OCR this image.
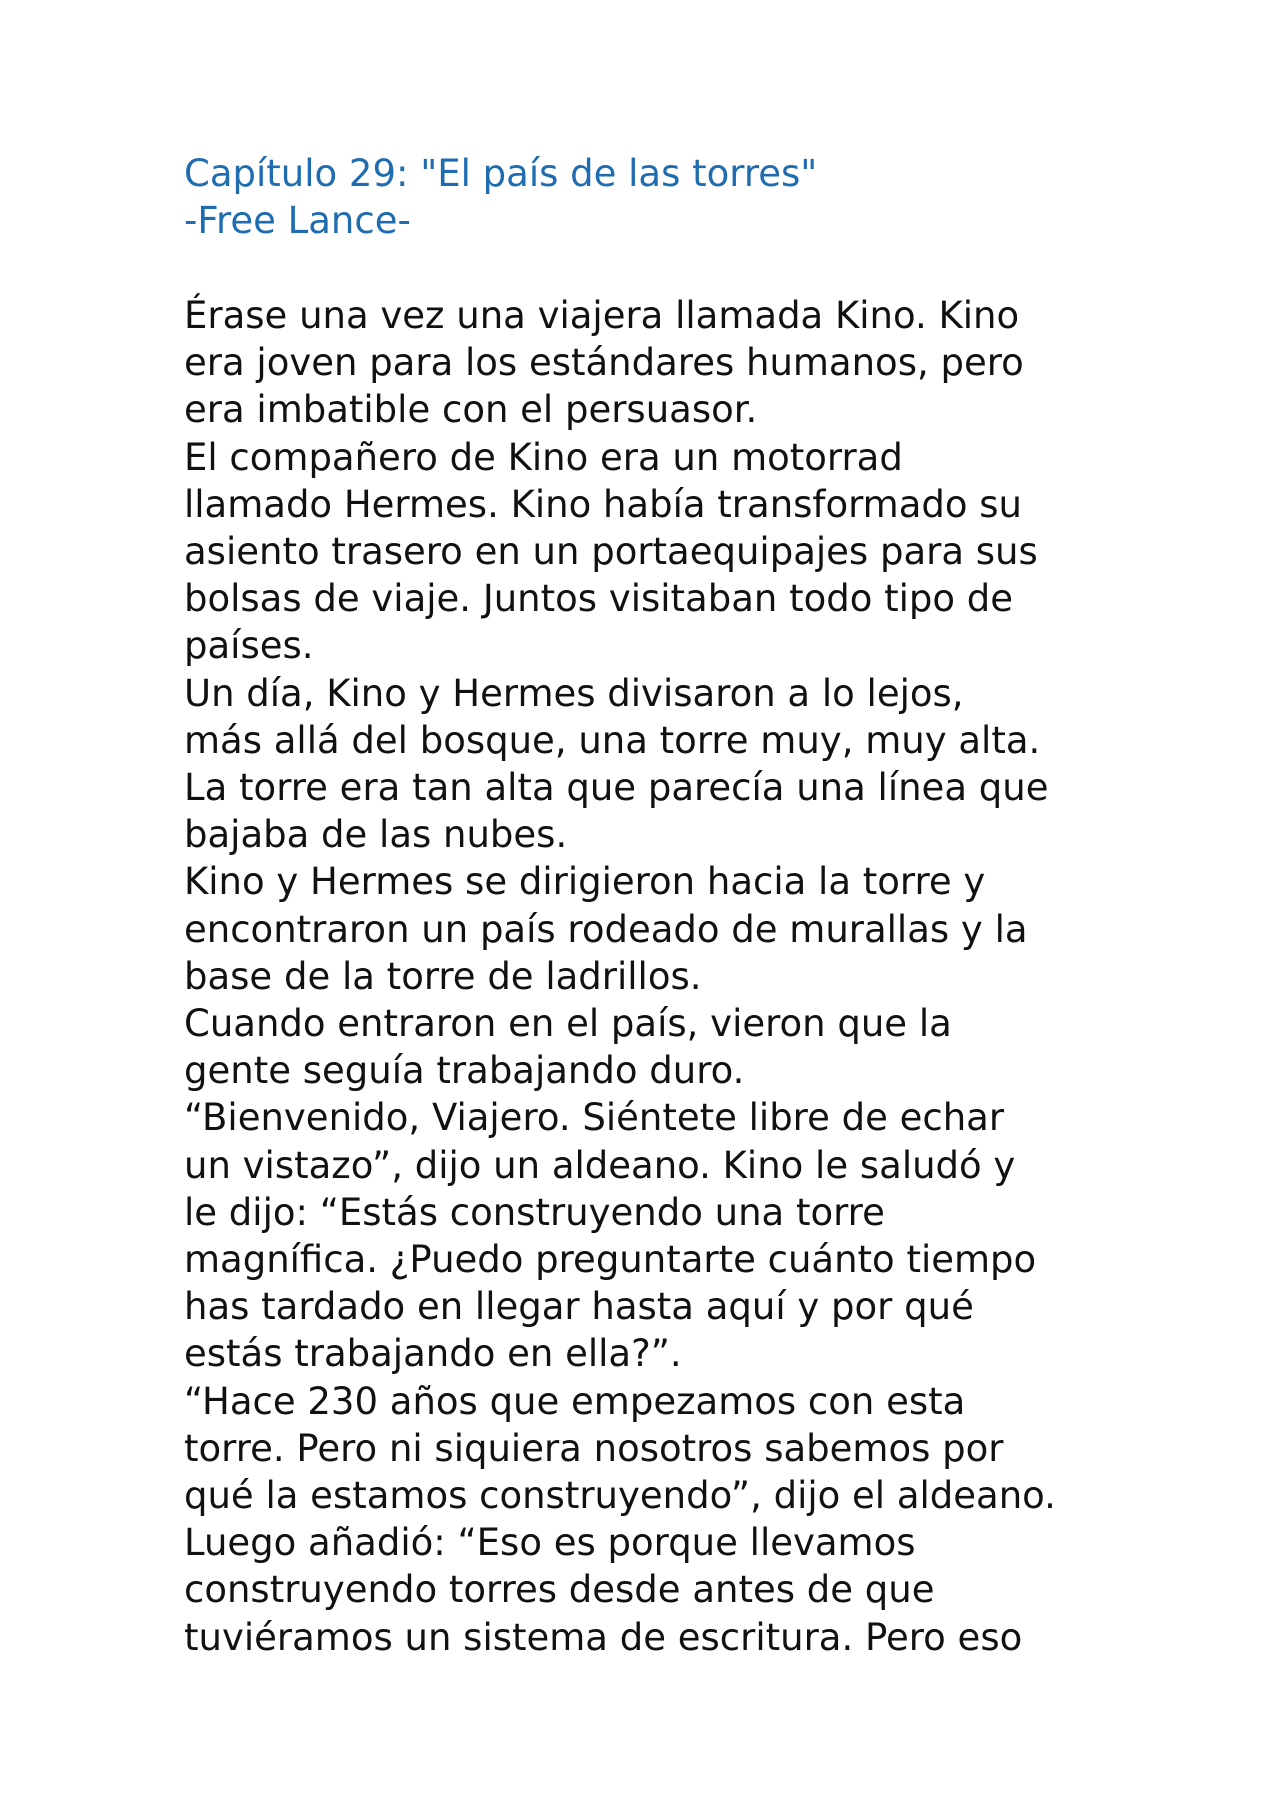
Capítulo 29: "El país de las torres"

-Free Lance-

Érase una vez una viajera llamada Kino. Kino

era joven para los estándares humanos, pero

era imbatible con el persuasor.

El compañero de Kino era un motorrad

llamado Hermes. Kino había transformado su

asiento trasero en un portaequipajes para sus

bolsas de viaje. Juntos visitaban todo tipo de

países.

Un día, Kino y Hermes divisaron a lo lejos,

más allá del bosque, una torre muy, muy alta.

La torre era tan alta que parecía una línea que

bajaba de las nubes.

Kino y Hermes se dirigieron hacia la torre y

encontraron un país rodeado de murallas y la

base de la torre de ladrillos.

Cuando entraron en el país, vieron que la

gente seguía trabajando duro.

“Bienvenido, Viajero. Siéntete libre de echar

un vistazo”, dijo un aldeano. Kino le saludó y

le dijo: “Estás construyendo una torre

magnífica. ¿Puedo preguntarte cuánto tiempo

has tardado en llegar hasta aquí y por qué

estás trabajando en ella?”.

“Hace 230 años que empezamos con esta

torre. Pero ni siquiera nosotros sabemos por

qué la estamos construyendo”, dijo el aldeano.

Luego añadió: “Eso es porque llevamos

construyendo torres desde antes de que

tuviéramos un sistema de escritura. Pero eso
